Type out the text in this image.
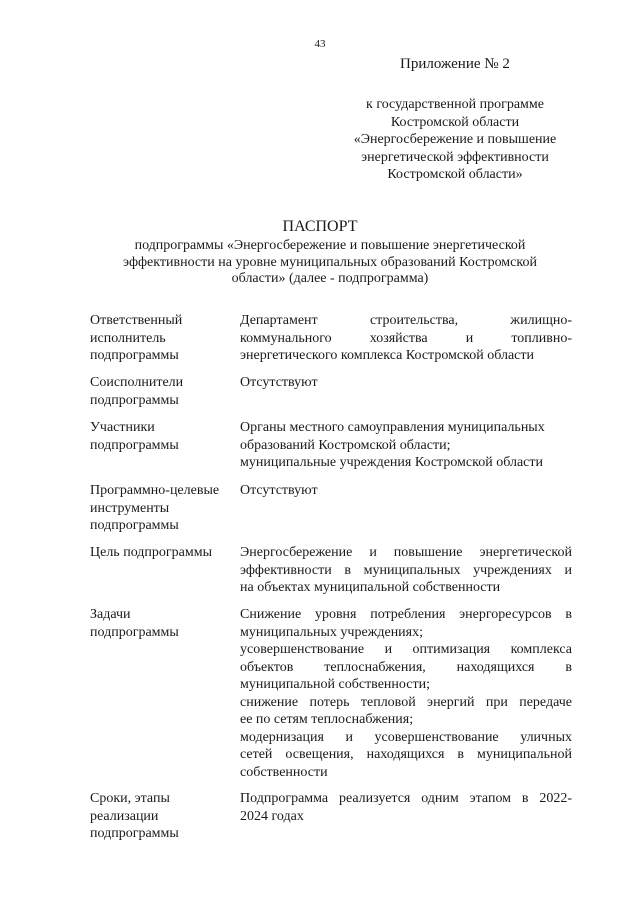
43
Приложение № 2
к государственной программе
Костромской области
«Энергосбережение и повышение
энергетической эффективности
Костромской области»
ПАСПОРТ
подпрограммы «Энергосбережение и повышение энергетической
эффективности на уровне муниципальных образований Костромской
области» (далее - подпрограмма)
Ответственный
исполнитель
подпрограммы
Департамент строительства, жилищно-
коммунального хозяйства и топливно-
энергетического комплекса Костромской области
Соисполнители
подпрограммы
Отсутствуют
Участники
подпрограммы
Органы местного самоуправления муниципальных
образований Костромской области;
муниципальные учреждения Костромской области
Программно-целевые
инструменты
подпрограммы
Отсутствуют
Цель подпрограммы	Энергосбережение и повышение энергетической
эффективности в муниципальных учреждениях и
на объектах муниципальной собственности
Задачи
подпрограммы
Снижение уровня потребления энергоресурсов в
муниципальных учреждениях;
усовершенствование и оптимизация комплекса
объектов теплоснабжения, находящихся в
муниципальной собственности;
снижение потерь тепловой энергий при передаче
ее по сетям теплоснабжения;
модернизация и усовершенствование уличных
сетей освещения, находящихся в муниципальной
собственности
Сроки, этапы
реализации
подпрограммы
Подпрограмма реализуется одним этапом в 2022-
2024 годах
